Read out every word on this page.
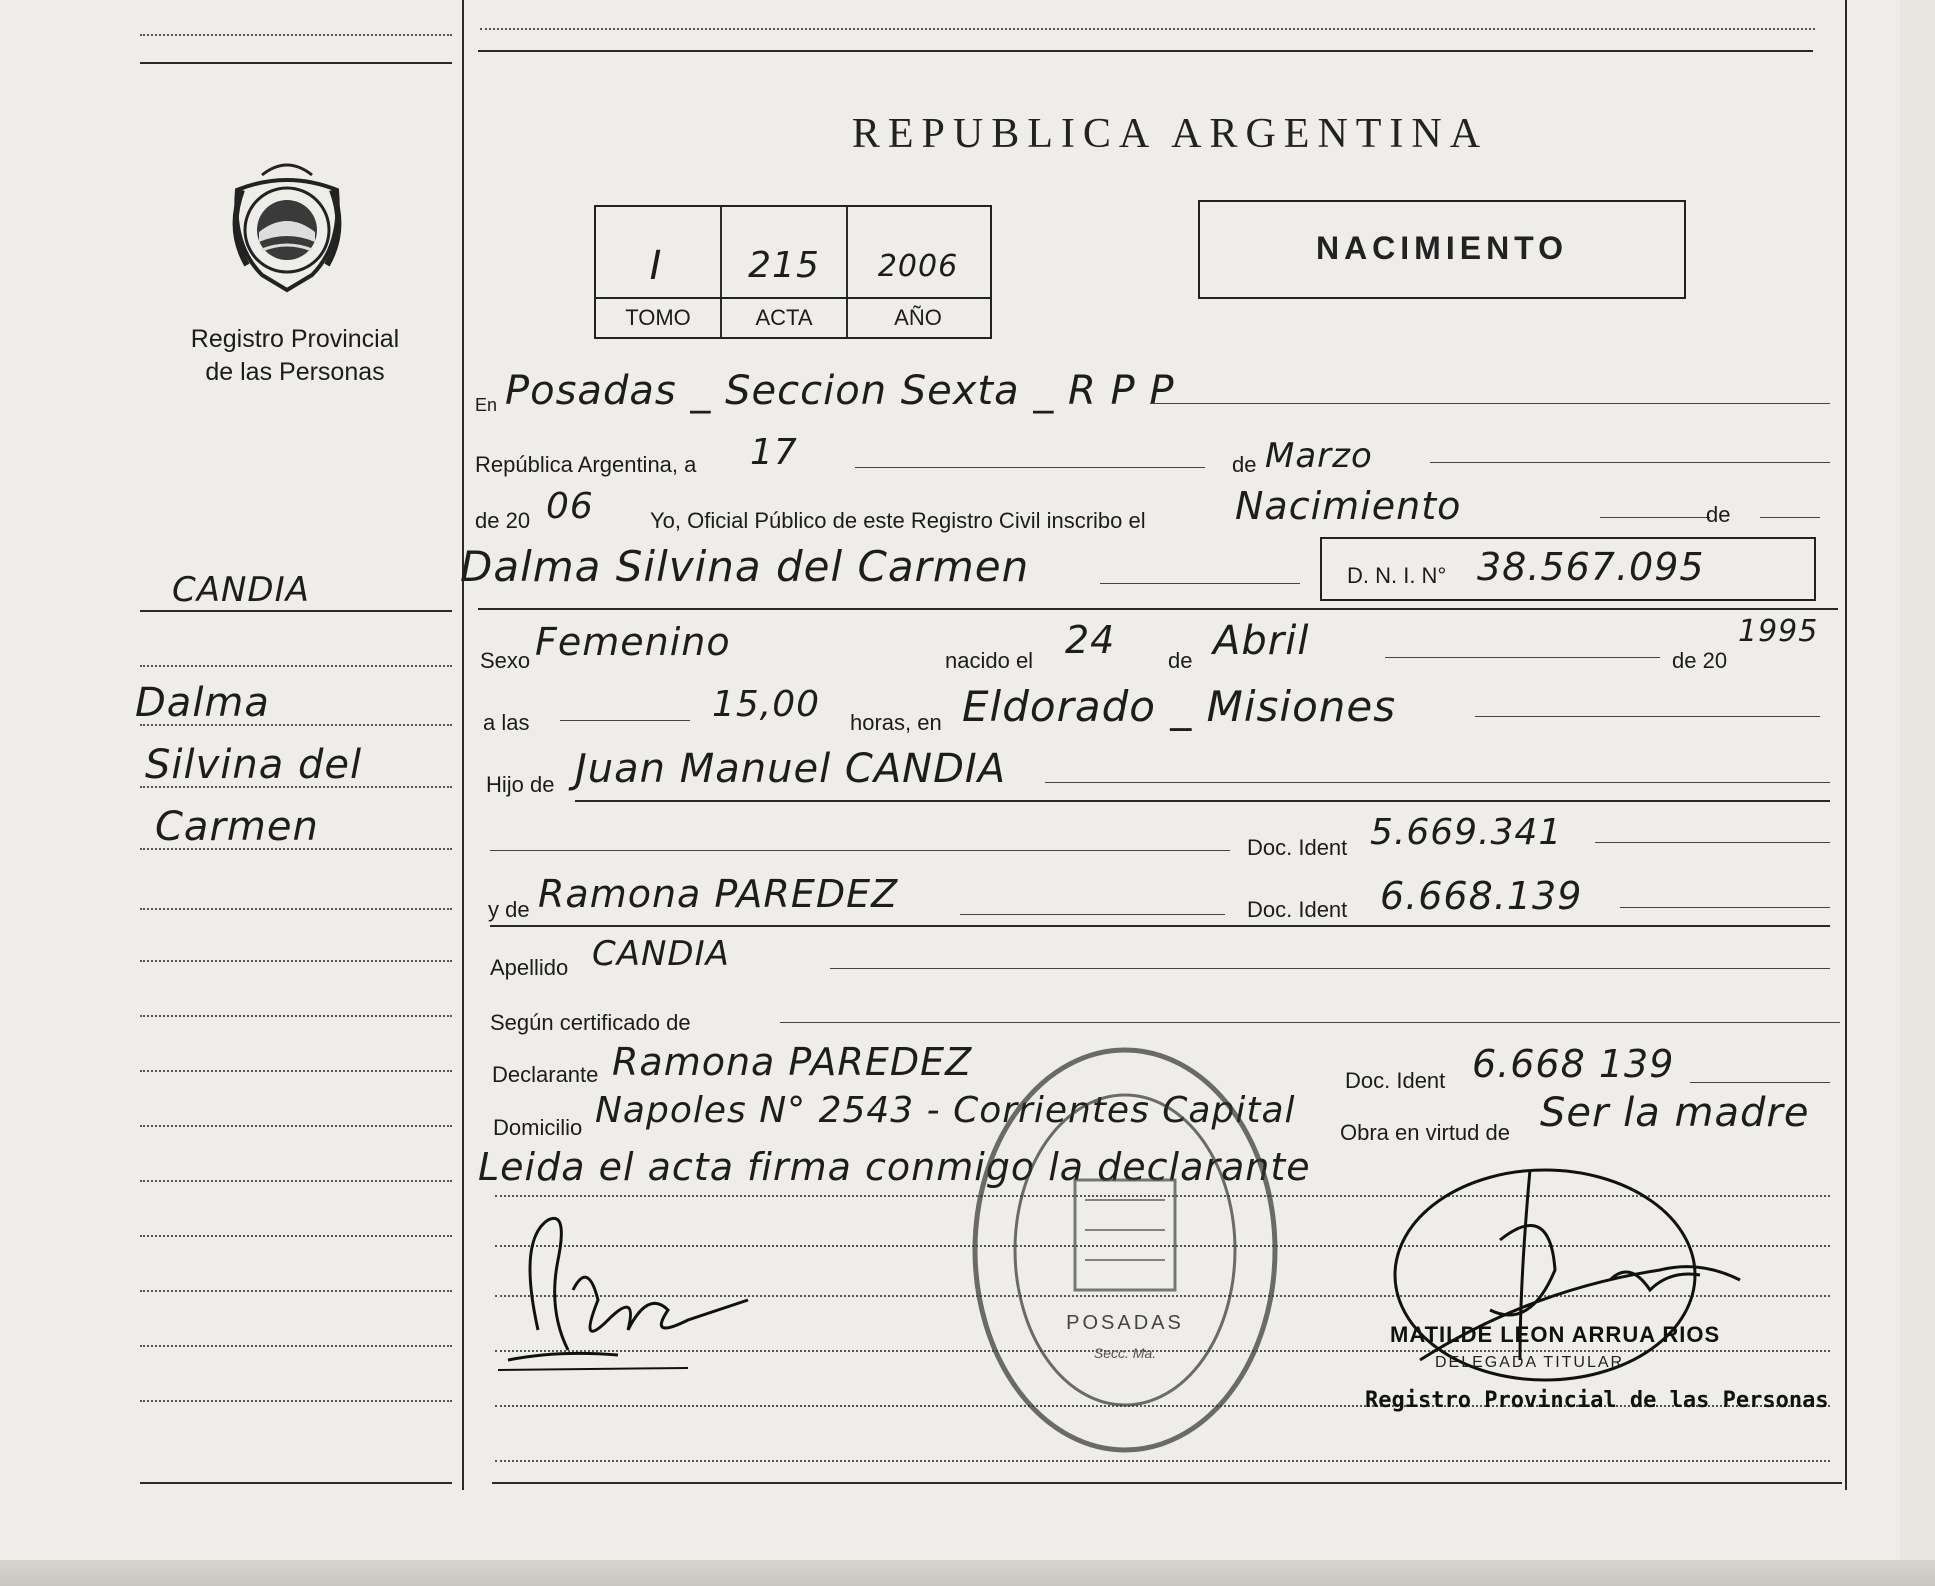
Registro Provincial
de las Personas
CANDIA
Dalma
Silvina del
Carmen
REPUBLICA ARGENTINA
I	215	2006
TOMO	ACTA	AÑO
NACIMIENTO
En Posadas _ Seccion Sexta _ R P P
República Argentina, a 17	de Marzo
de 20 06	Yo, Oficial Público de este Registro Civil inscribo el Nacimiento	de
Dalma Silvina del Carmen	D. N. I. N° 38.567.095
Sexo Femenino	nacido el 24 de Abril	de 20
1995
a las	15,00 horas, en Eldorado _ Misiones
Hijo de Juan Manuel CANDIA
Doc. Ident 5.669.341
y de Ramona PAREDEZ	Doc. Ident 6.668.139
Apellido CANDIA
Según certificado de
Declarante Ramona PAREDEZ	Doc. Ident 6.668 139
Domicilio Napoles N° 2543 - Corrientes Capital
Obra en virtud de Ser la madre
Leida el acta firma conmigo la declarante
POSADAS
Secc. Ma.
MATILDE LEON ARRUA RIOS
DELEGADA TITULAR
Registro Provincial de las Personas
